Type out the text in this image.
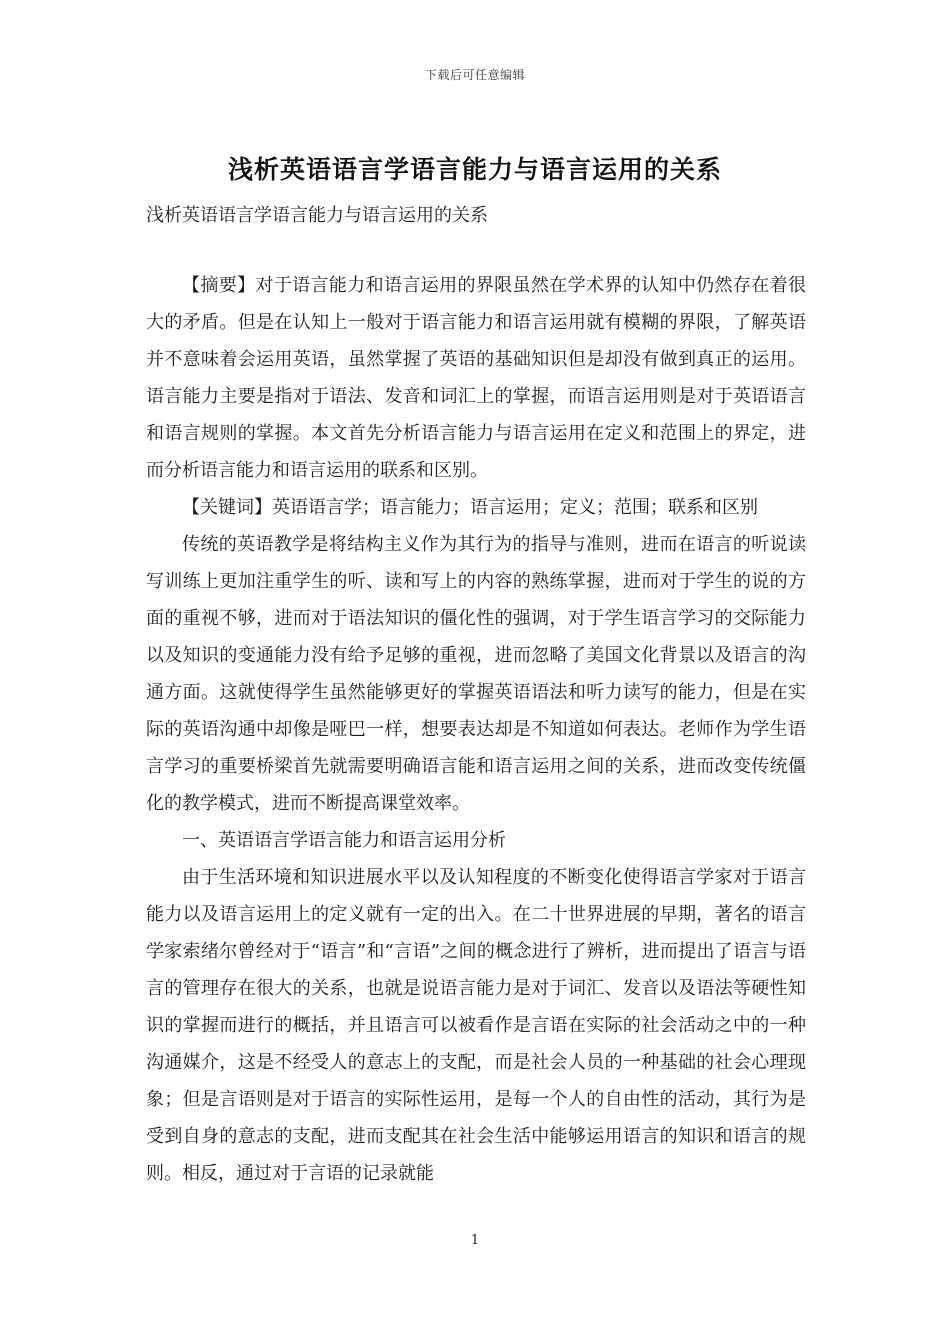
下载后可任意编辑
浅析英语语言学语言能力与语言运用的关系
浅析英语语言学语言能力与语言运用的关系

【摘要】对于语言能力和语言运用的界限虽然在学术界的认知中仍然存在着很大的矛盾。但是在认知上一般对于语言能力和语言运用就有模糊的界限，了解英语并不意味着会运用英语，虽然掌握了英语的基础知识但是却没有做到真正的运用。语言能力主要是指对于语法、发音和词汇上的掌握，而语言运用则是对于英语语言和语言规则的掌握。本文首先分析语言能力与语言运用在定义和范围上的界定，进而分析语言能力和语言运用的联系和区别。

【关键词】英语语言学；语言能力；语言运用；定义；范围；联系和区别

传统的英语教学是将结构主义作为其行为的指导与准则，进而在语言的听说读写训练上更加注重学生的听、读和写上的内容的熟练掌握，进而对于学生的说的方面的重视不够，进而对于语法知识的僵化性的强调，对于学生语言学习的交际能力以及知识的变通能力没有给予足够的重视，进而忽略了美国文化背景以及语言的沟通方面。这就使得学生虽然能够更好的掌握英语语法和听力读写的能力，但是在实际的英语沟通中却像是哑巴一样，想要表达却是不知道如何表达。老师作为学生语言学习的重要桥梁首先就需要明确语言能和语言运用之间的关系，进而改变传统僵化的教学模式，进而不断提高课堂效率。

一、英语语言学语言能力和语言运用分析

由于生活环境和知识进展水平以及认知程度的不断变化使得语言学家对于语言能力以及语言运用上的定义就有一定的出入。在二十世界进展的早期，著名的语言学家索绪尔曾经对于“语言”和“言语”之间的概念进行了辨析，进而提出了语言与语言的管理存在很大的关系，也就是说语言能力是对于词汇、发音以及语法等硬性知识的掌握而进行的概括，并且语言可以被看作是言语在实际的社会活动之中的一种沟通媒介，这是不经受人的意志上的支配，而是社会人员的一种基础的社会心理现象；但是言语则是对于语言的实际性运用，是每一个人的自由性的活动，其行为是受到自身的意志的支配，进而支配其在社会生活中能够运用语言的知识和语言的规则。相反，通过对于言语的记录就能

1
